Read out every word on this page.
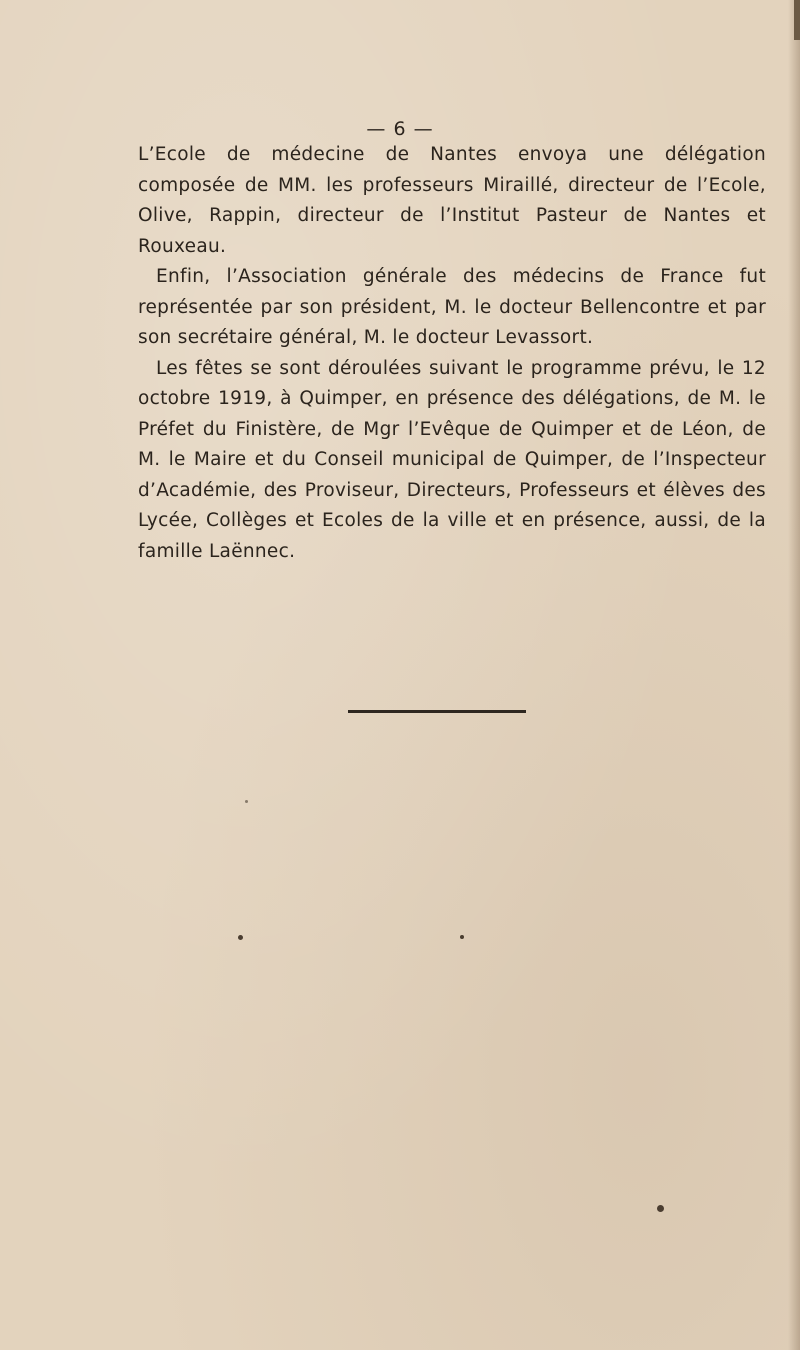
— 6 —

L’Ecole de médecine de Nantes envoya une délégation composée de MM. les professeurs Miraillé, directeur de l’Ecole, Olive, Rappin, directeur de l’Institut Pasteur de Nantes et Rouxeau.

Enfin, l’Association générale des médecins de France fut représentée par son président, M. le docteur Bellencontre et par son secrétaire général, M. le docteur Levassort.

Les fêtes se sont déroulées suivant le programme prévu, le 12 octobre 1919, à Quimper, en présence des délégations, de M. le Préfet du Finistère, de Mgr l’Evêque de Quimper et de Léon, de M. le Maire et du Conseil municipal de Quimper, de l’Inspecteur d’Académie, des Proviseur, Directeurs, Professeurs et élèves des Lycée, Collèges et Ecoles de la ville et en présence, aussi, de la famille Laënnec.
